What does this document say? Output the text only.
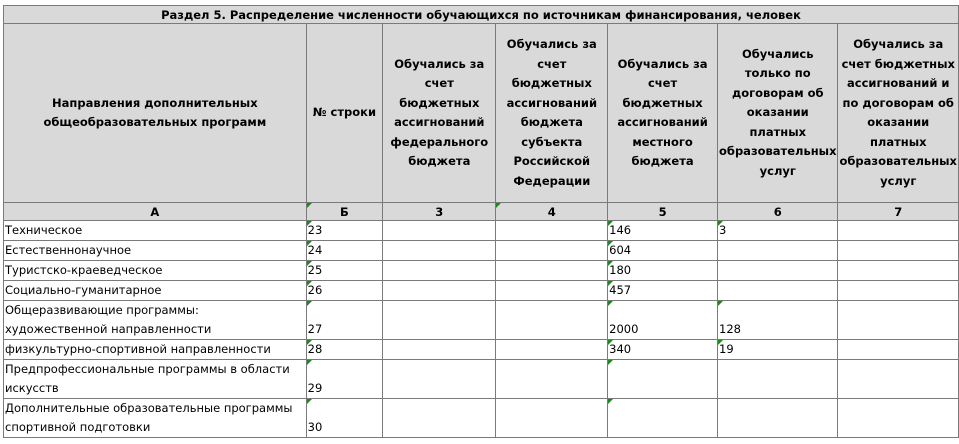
Раздел 5. Распределение численности обучающихся по источникам финансирования, человек						
Направления дополнительных общеобразовательных программ	№ строки	Обучались за счет бюджетных ассигнований федерального бюджета	Обучались за счет бюджетных ассигнований бюджета субъекта Российской Федерации	Обучались за счет бюджетных ассигнований местного бюджета	Обучались только по договорам об оказании платных образовательных услуг	Обучались за счет бюджетных ассигнований и по договорам об оказании платных образовательных услуг
А	Б	3	4	5	6	7
Техническое	23			146	3	
Естественнонаучное	24			604		
Туристско-краеведческое	25			180		
Социально-гуманитарное	26			457		
Общеразвивающие программы:
художественной направленности	27			2000	128	
физкультурно-спортивной направленности	28			340	19	
Предпрофессиональные программы в области искусств	29					
Дополнительные образовательные программы спортивной подготовки	30					
